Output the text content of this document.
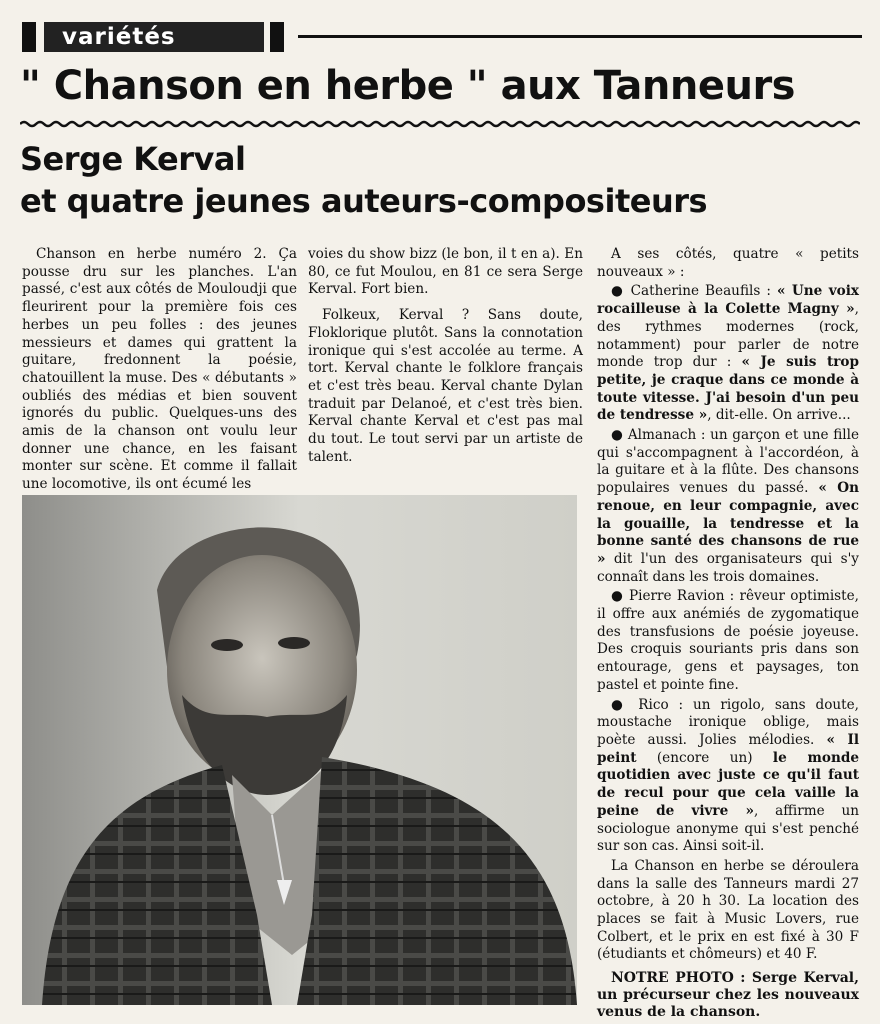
variétés
" Chanson en herbe " aux Tanneurs
Serge Kerval
et quatre jeunes auteurs-compositeurs

Chanson en herbe numéro 2. Ça pousse dru sur les planches. L'an passé, c'est aux côtés de Mouloudji que fleurirent pour la première fois ces herbes un peu folles : des jeunes messieurs et dames qui grattent la guitare, fredonnent la poésie, chatouillent la muse. Des « débutants » oubliés des médias et bien souvent ignorés du public. Quelques-uns des amis de la chanson ont voulu leur donner une chance, en les faisant monter sur scène. Et comme il fallait une locomotive, ils ont écumé les

voies du show bizz (le bon, il t en a). En 80, ce fut Moulou, en 81 ce sera Serge Kerval. Fort bien.

Folkeux, Kerval ? Sans doute, Floklorique plutôt. Sans la connotation ironique qui s'est accolée au terme. A tort. Kerval chante le folklore français et c'est très beau. Kerval chante Dylan traduit par Delanoé, et c'est très bien. Kerval chante Kerval et c'est pas mal du tout. Le tout servi par un artiste de talent.

A ses côtés, quatre « petits nouveaux » :

● Catherine Beaufils : « Une voix rocailleuse à la Colette Magny », des rythmes modernes (rock, notamment) pour parler de notre monde trop dur : « Je suis trop petite, je craque dans ce monde à toute vitesse. J'ai besoin d'un peu de tendresse », dit-elle. On arrive...

● Almanach : un garçon et une fille qui s'accompagnent à l'accordéon, à la guitare et à la flûte. Des chansons populaires venues du passé. « On renoue, en leur compagnie, avec la gouaille, la tendresse et la bonne santé des chansons de rue » dit l'un des organisateurs qui s'y connaît dans les trois domaines.

● Pierre Ravion : rêveur optimiste, il offre aux anémiés de zygomatique des transfusions de poésie joyeuse. Des croquis souriants pris dans son entourage, gens et paysages, ton pastel et pointe fine.

● Rico : un rigolo, sans doute, moustache ironique oblige, mais poète aussi. Jolies mélodies. « Il peint (encore un) le monde quotidien avec juste ce qu'il faut de recul pour que cela vaille la peine de vivre », affirme un sociologue anonyme qui s'est penché sur son cas. Ainsi soit-il.

La Chanson en herbe se déroulera dans la salle des Tanneurs mardi 27 octobre, à 20 h 30. La location des places se fait à Music Lovers, rue Colbert, et le prix en est fixé à 30 F (étudiants et chômeurs) et 40 F.

NOTRE PHOTO : Serge Kerval, un précurseur chez les nouveaux venus de la chanson.
